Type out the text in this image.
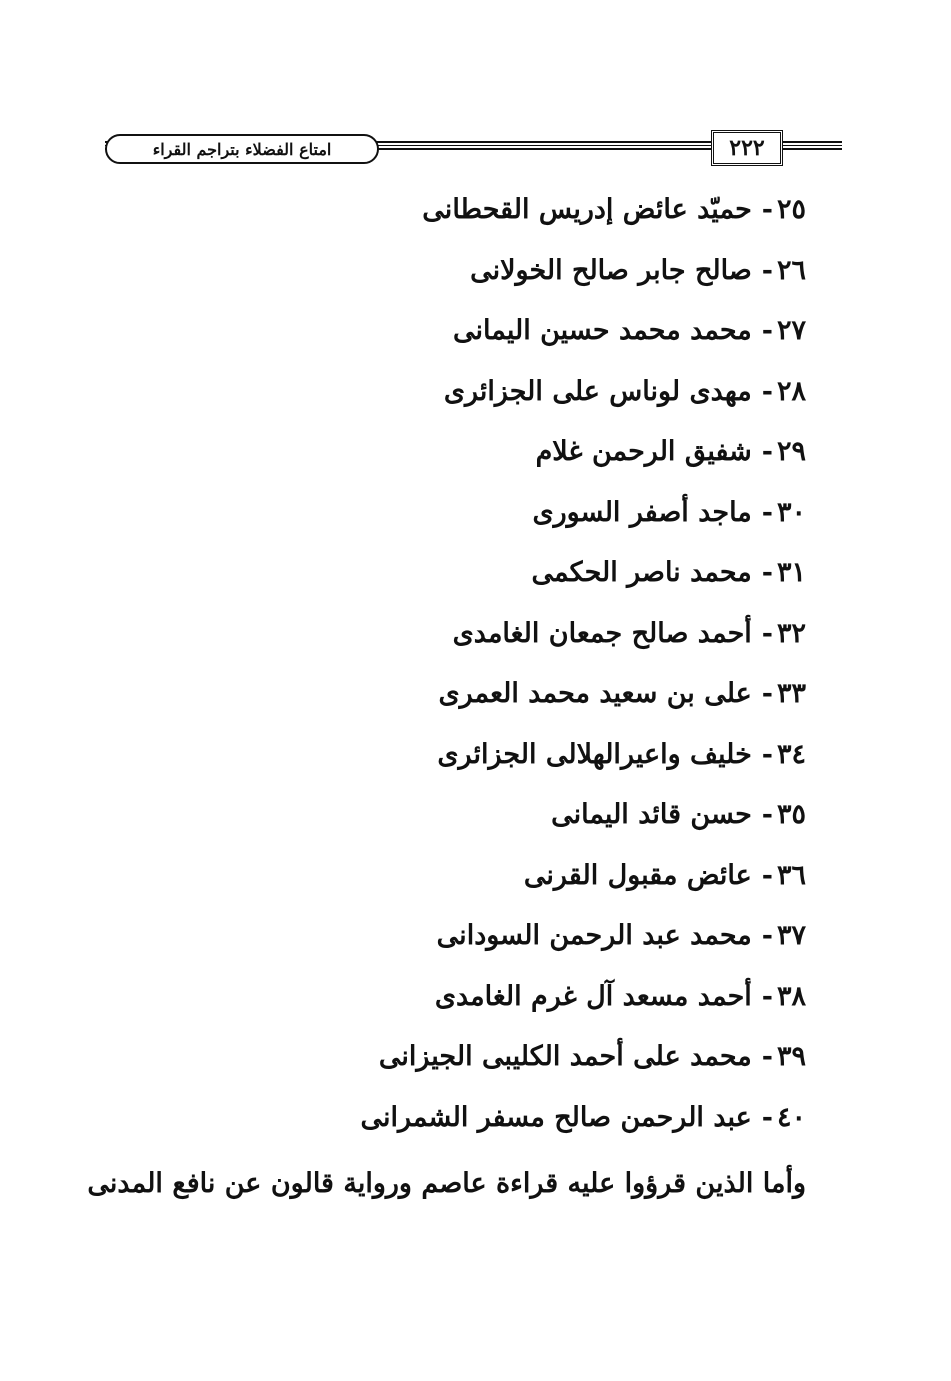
امتاع الفضلاء بتراجم القراء	٢٢٢
٢٥-حميّد عائض إدريس القحطانى
٢٦-صالح جابر صالح الخولانى
٢٧-محمد محمد حسين اليمانى
٢٨-مهدى لوناس على الجزائرى
٢٩-شفيق الرحمن غلام
٣٠-ماجد أصفر السورى
٣١-محمد ناصر الحكمى
٣٢-أحمد صالح جمعان الغامدى
٣٣-على بن سعيد محمد العمرى
٣٤-خليف واعيرالهلالى الجزائرى
٣٥-حسن قائد اليمانى
٣٦-عائض مقبول القرنى
٣٧-محمد عبد الرحمن السودانى
٣٨-أحمد مسعد آل غرم الغامدى
٣٩-محمد على أحمد الكليبى الجيزانى
٤٠-عبد الرحمن صالح مسفر الشمرانى
وأما الذين قرؤوا عليه قراءة عاصم ورواية قالون عن نافع المدنى
